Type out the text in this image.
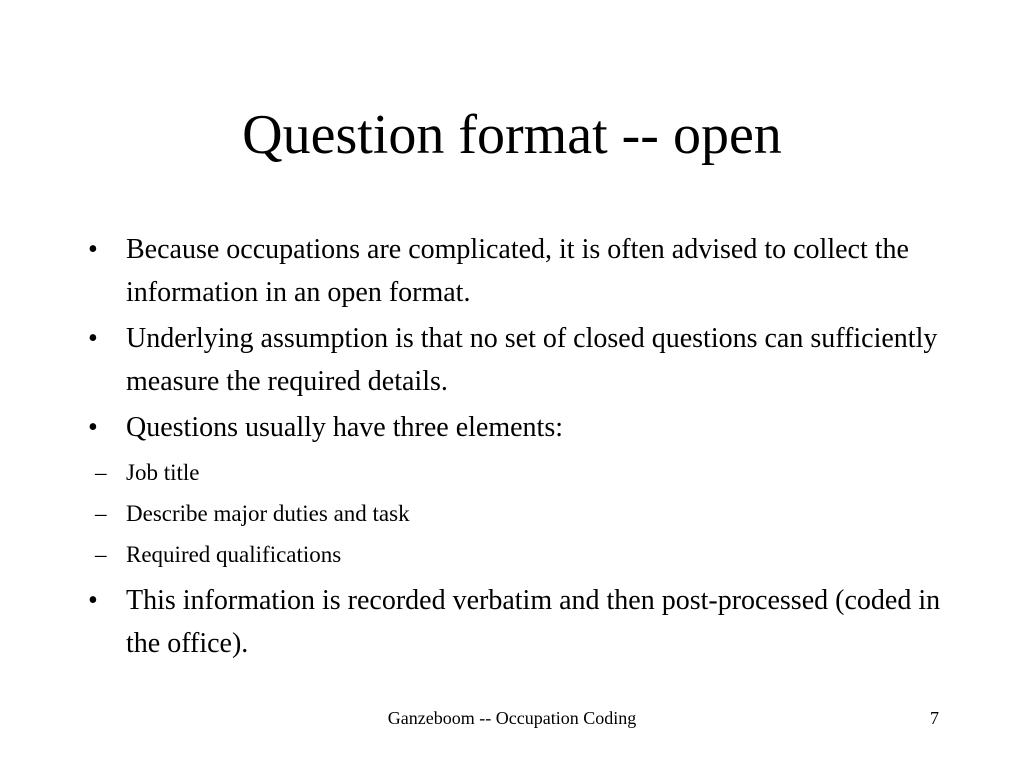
Question format -- open
• Because occupations are complicated, it is often advised to collect the information in an open format.
• Underlying assumption is that no set of closed questions can sufficiently measure the required details.
• Questions usually have three elements:
– Job title
– Describe major duties and task
– Required qualifications
• This information is recorded verbatim and then post-processed (coded in the office).
Ganzeboom -- Occupation Coding	7
